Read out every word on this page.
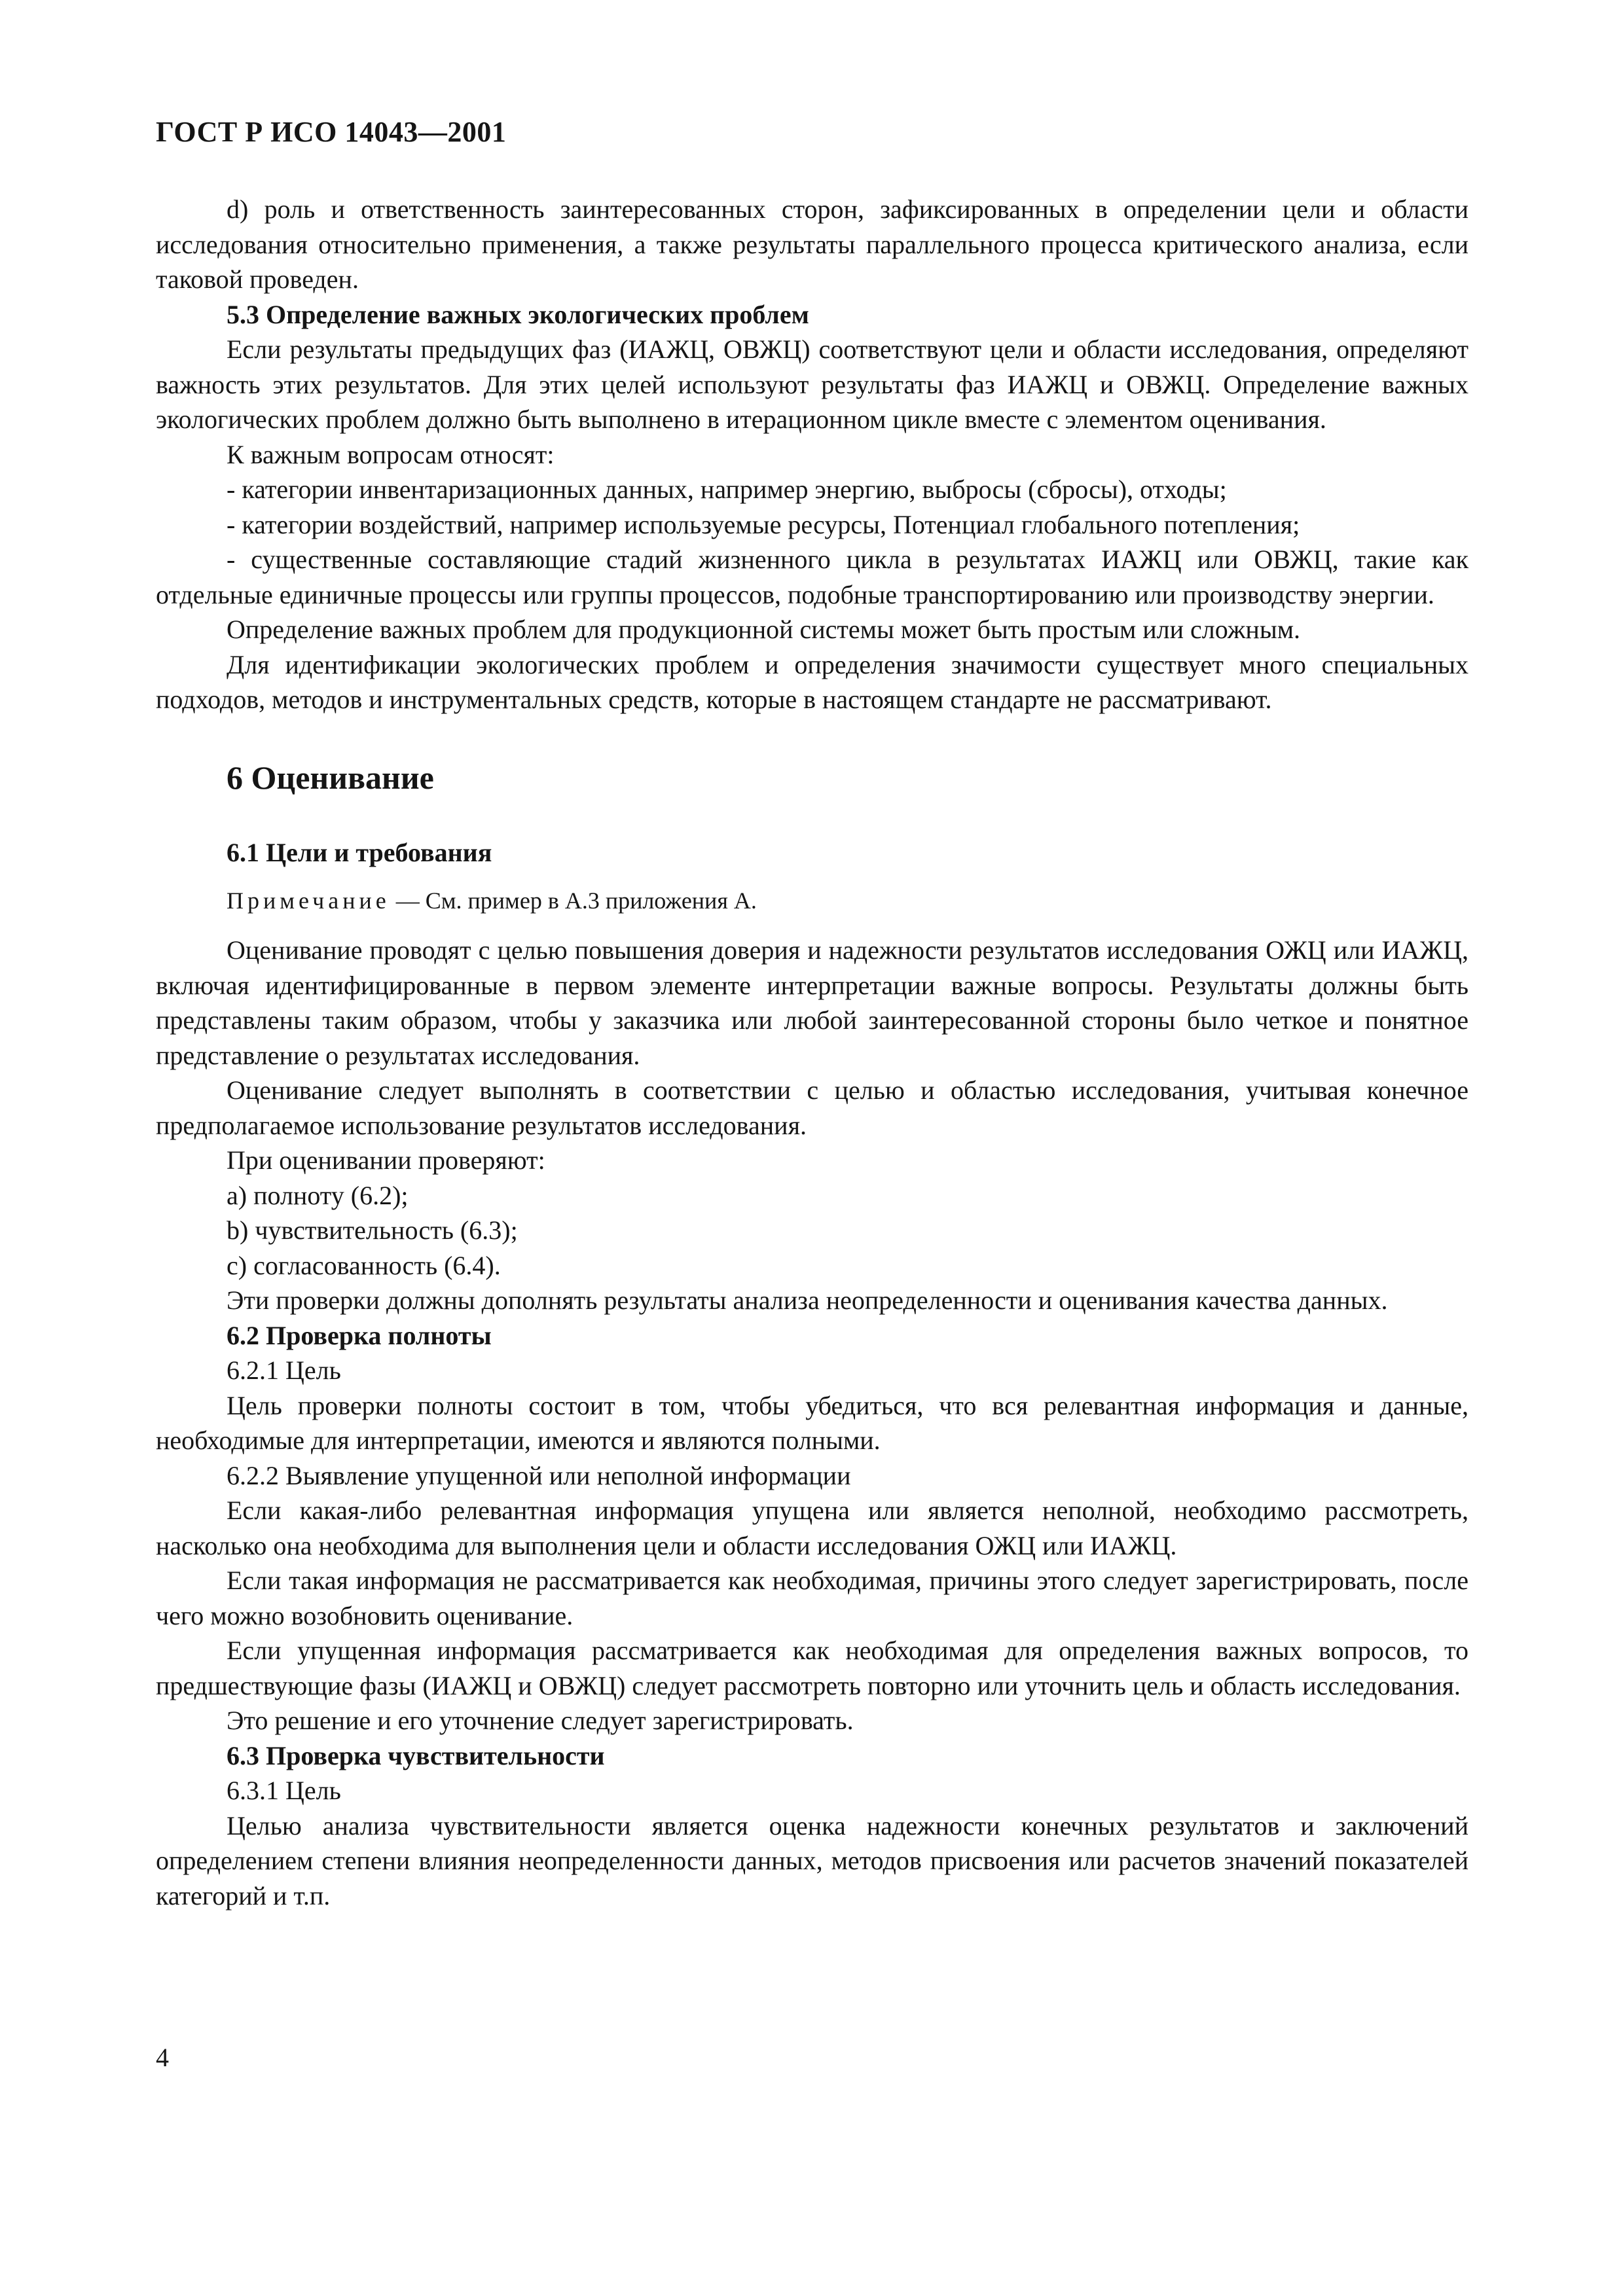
ГОСТ Р ИСО 14043—2001

d) роль и ответственность заинтересованных сторон, зафиксированных в определении цели и области исследования относительно применения, а также результаты параллельного процесса критического анализа, если таковой проведен.

5.3 Определение важных экологических проблем

Если результаты предыдущих фаз (ИАЖЦ, ОВЖЦ) соответствуют цели и области исследования, определяют важность этих результатов. Для этих целей используют результаты фаз ИАЖЦ и ОВЖЦ. Определение важных экологических проблем должно быть выполнено в итерационном цикле вместе с элементом оценивания.

К важным вопросам относят:

- категории инвентаризационных данных, например энергию, выбросы (сбросы), отходы;

- категории воздействий, например используемые ресурсы, Потенциал глобального потепления;

- существенные составляющие стадий жизненного цикла в результатах ИАЖЦ или ОВЖЦ, такие как отдельные единичные процессы или группы процессов, подобные транспортированию или производству энергии.

Определение важных проблем для продукционной системы может быть простым или сложным.

Для идентификации экологических проблем и определения значимости существует много специальных подходов, методов и инструментальных средств, которые в настоящем стандарте не рассматривают.

6 Оценивание

6.1 Цели и требования

Примечание — См. пример в А.3 приложения А.

Оценивание проводят с целью повышения доверия и надежности результатов исследования ОЖЦ или ИАЖЦ, включая идентифицированные в первом элементе интерпретации важные вопросы. Результаты должны быть представлены таким образом, чтобы у заказчика или любой заинтересованной стороны было четкое и понятное представление о результатах исследования.

Оценивание следует выполнять в соответствии с целью и областью исследования, учитывая конечное предполагаемое использование результатов исследования.

При оценивании проверяют:

a) полноту (6.2);

b) чувствительность (6.3);

c) согласованность (6.4).

Эти проверки должны дополнять результаты анализа неопределенности и оценивания качества данных.

6.2 Проверка полноты

6.2.1 Цель

Цель проверки полноты состоит в том, чтобы убедиться, что вся релевантная информация и данные, необходимые для интерпретации, имеются и являются полными.

6.2.2 Выявление упущенной или неполной информации

Если какая-либо релевантная информация упущена или является неполной, необходимо рассмотреть, насколько она необходима для выполнения цели и области исследования ОЖЦ или ИАЖЦ.

Если такая информация не рассматривается как необходимая, причины этого следует зарегистрировать, после чего можно возобновить оценивание.

Если упущенная информация рассматривается как необходимая для определения важных вопросов, то предшествующие фазы (ИАЖЦ и ОВЖЦ) следует рассмотреть повторно или уточнить цель и область исследования.

Это решение и его уточнение следует зарегистрировать.

6.3 Проверка чувствительности

6.3.1 Цель

Целью анализа чувствительности является оценка надежности конечных результатов и заключений определением степени влияния неопределенности данных, методов присвоения или расчетов значений показателей категорий и т.п.

4
